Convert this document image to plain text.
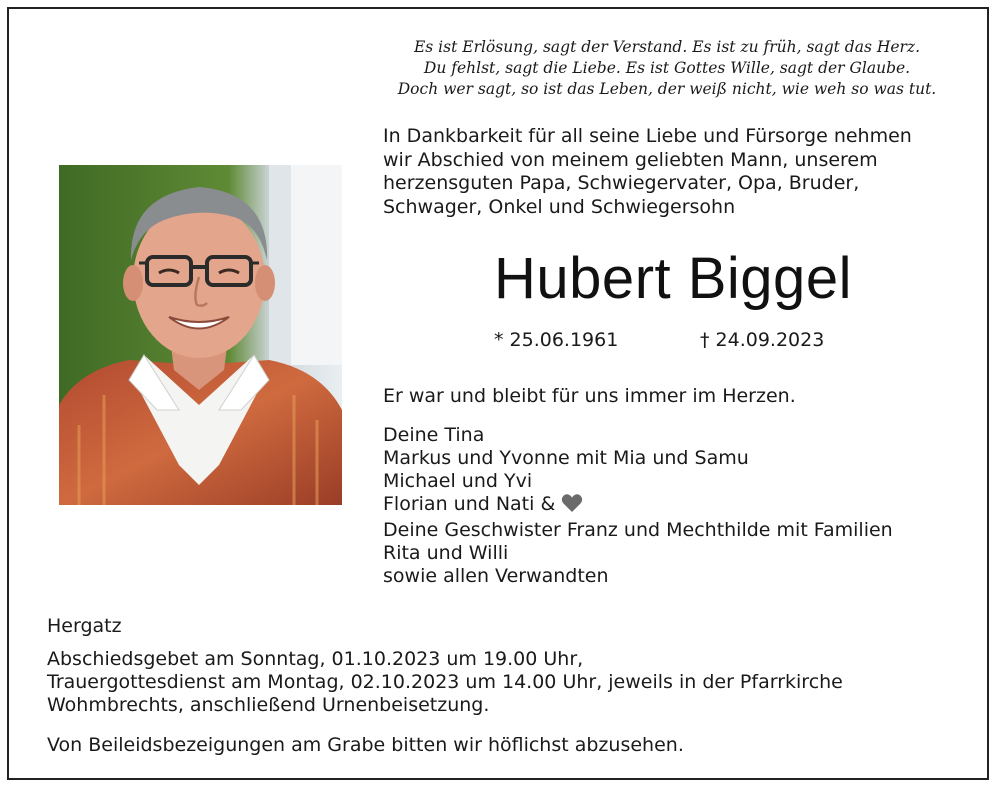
Es ist Erlösung, sagt der Verstand. Es ist zu früh, sagt das Herz.
Du fehlst, sagt die Liebe. Es ist Gottes Wille, sagt der Glaube.
Doch wer sagt, so ist das Leben, der weiß nicht, wie weh so was tut.
In Dankbarkeit für all seine Liebe und Fürsorge nehmen
wir Abschied von meinem geliebten Mann, unserem
herzensguten Papa, Schwiegervater, Opa, Bruder,
Schwager, Onkel und Schwiegersohn
Hubert Biggel
* 25.06.1961	† 24.09.2023
Er war und bleibt für uns immer im Herzen.
Deine Tina
Markus und Yvonne mit Mia und Samu
Michael und Yvi
Florian und Nati &
Deine Geschwister Franz und Mechthilde mit Familien
Rita und Willi
sowie allen Verwandten
Hergatz
Abschiedsgebet am Sonntag, 01.10.2023 um 19.00 Uhr,
Trauergottesdienst am Montag, 02.10.2023 um 14.00 Uhr, jeweils in der Pfarrkirche
Wohmbrechts, anschließend Urnenbeisetzung.
Von Beileidsbezeigungen am Grabe bitten wir höflichst abzusehen.
